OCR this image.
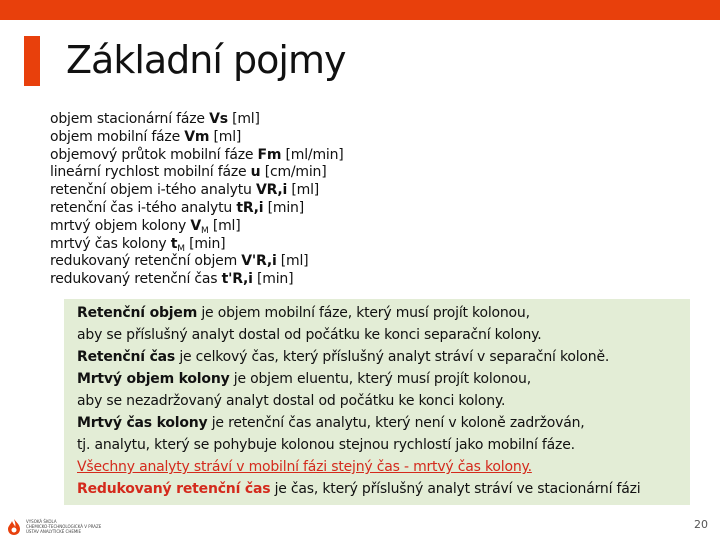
Základní pojmy
objem stacionární fáze Vs [ml]
objem mobilní fáze Vm [ml]
objemový průtok mobilní fáze Fm [ml/min]
lineární rychlost mobilní fáze u [cm/min]
retenční objem i-tého analytu VR,i [ml]
retenční čas i-tého analytu tR,i [min]
mrtvý objem kolony $V_M$ [ml]
mrtvý čas kolony $t_M$ [min]
redukovaný retenční objem V'R,i [ml]
redukovaný retenční čas t'R,i [min]
Retenční objem je objem mobilní fáze, který musí projít kolonou,
aby se příslušný analyt dostal od počátku ke konci separační kolony.
Retenční čas je celkový čas, který příslušný analyt stráví v separační koloně.
Mrtvý objem kolony je objem eluentu, který musí projít kolonou,
aby se nezadržovaný analyt dostal od počátku ke konci kolony.
Mrtvý čas kolony je retenční čas analytu, který není v koloně zadržován,
tj. analytu, který se pohybuje kolonou stejnou rychlostí jako mobilní fáze.
Všechny analyty stráví v mobilní fázi stejný čas - mrtvý čas kolony.
Redukovaný retenční čas je čas, který příslušný analyt stráví ve stacionární fázi
VYSOKÁ ŠKOLA
CHEMICKO-TECHNOLOGICKÁ V PRAZE
ÚSTAV ANALYTICKÉ CHEMIE
20
